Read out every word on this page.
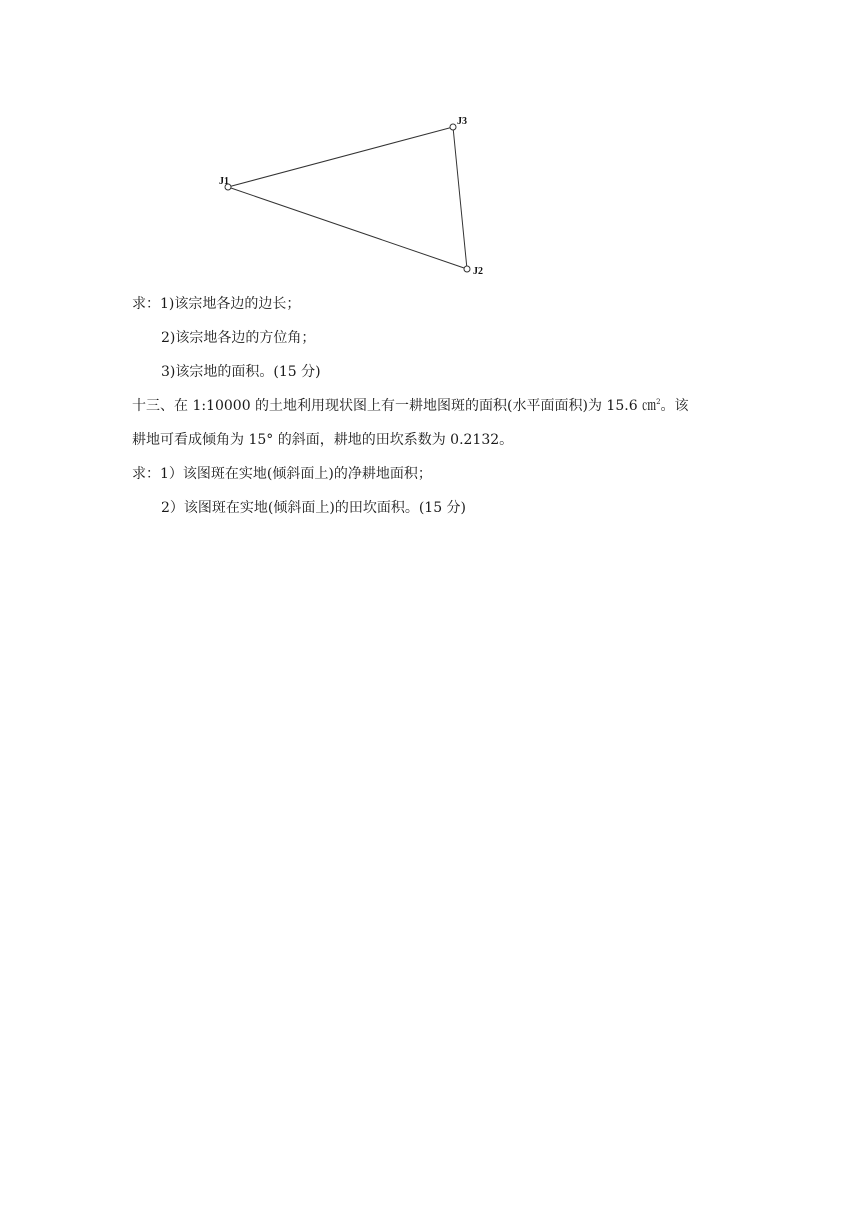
J1
J3
J2
求：1)该宗地各边的边长；
2)该宗地各边的方位角；
3)该宗地的面积。(15 分)
十三、在 1:10000 的土地利用现状图上有一耕地图斑的面积(水平面面积)为 15.6 ㎝$^2$。该
耕地可看成倾角为 15° 的斜面，耕地的田坎系数为 0.2132。
求：1）该图斑在实地(倾斜面上)的净耕地面积；
2）该图斑在实地(倾斜面上)的田坎面积。(15 分)
